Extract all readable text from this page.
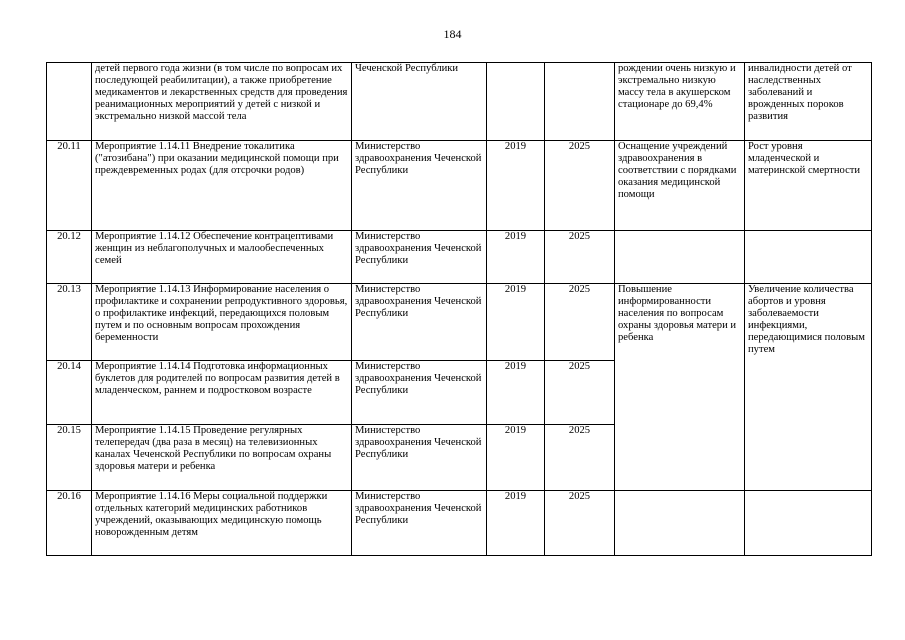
184
	детей первого года жизни (в том числе по вопросам их последующей реабилитации), а также приобретение медикаментов и лекарственных средств для проведения реанимационных мероприятий у детей с низкой и экстремально низкой массой тела	Чеченской Республики			рождении очень низкую и экстремально низкую массу тела в акушерском стационаре до 69,4%	инвалидности детей от наследственных заболеваний и врожденных пороков развития
20.11	Мероприятие 1.14.11 Внедрение токалитика ("атозибана") при оказании медицинской помощи при преждевременных родах (для отсрочки родов)	Министерство здравоохранения Чеченской Республики	2019	2025	Оснащение учреждений здравоохранения в соответствии с порядками оказания медицинской помощи	Рост уровня младенческой и материнской смертности
20.12	Мероприятие 1.14.12 Обеспечение контрацептивами женщин из неблагополучных и малообеспеченных семей	Министерство здравоохранения Чеченской Республики	2019	2025		
20.13	Мероприятие 1.14.13 Информирование населения о профилактике и сохранении репродуктивного здоровья, о профилактике инфекций, передающихся половым путем и по основным вопросам прохождения беременности	Министерство здравоохранения Чеченской Республики	2019	2025	Повышение информированности населения по вопросам охраны здоровья матери и ребенка	Увеличение количества абортов и уровня заболеваемости инфекциями, передающимися половым путем
20.14	Мероприятие 1.14.14 Подготовка информационных буклетов для родителей по вопросам развития детей в младенческом, раннем и подростковом возрасте	Министерство здравоохранения Чеченской Республики	2019	2025		
20.15	Мероприятие 1.14.15 Проведение регулярных телепередач (два раза в месяц) на телевизионных каналах Чеченской Республики по вопросам охраны здоровья матери и ребенка	Министерство здравоохранения Чеченской Республики	2019	2025		
20.16	Мероприятие 1.14.16 Меры социальной поддержки отдельных категорий медицинских работников учреждений, оказывающих медицинскую помощь новорожденным детям	Министерство здравоохранения Чеченской Республики	2019	2025		
